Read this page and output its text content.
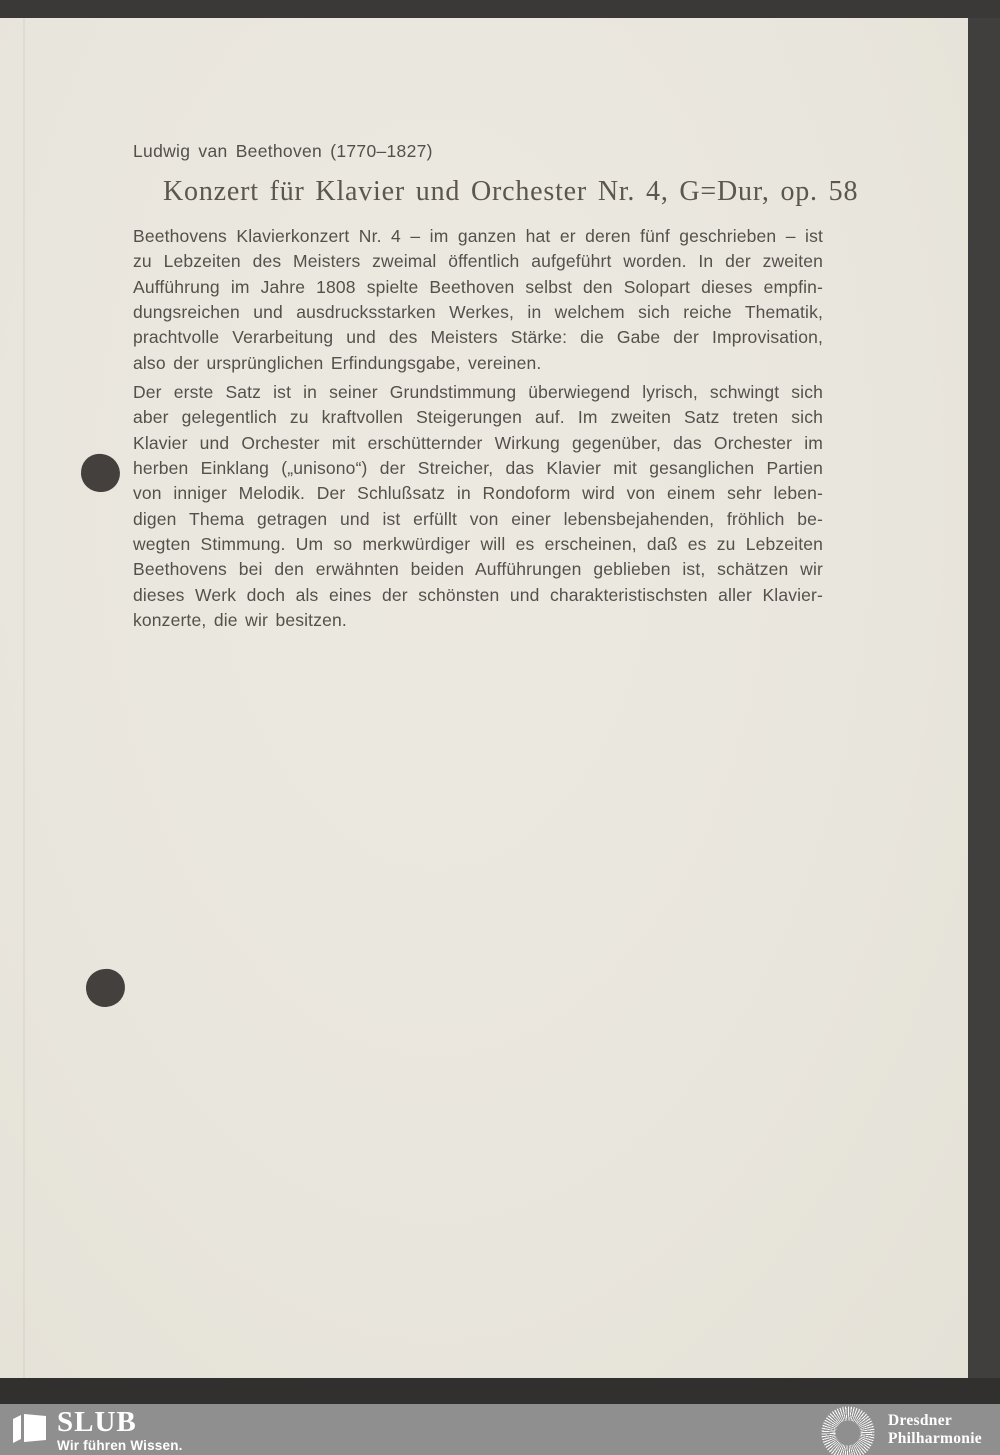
Ludwig van Beethoven (1770–1827)
Konzert für Klavier und Orchester Nr. 4, G=Dur, op. 58
Beethovens Klavierkonzert Nr. 4 – im ganzen hat er deren fünf geschrieben – ist
zu Lebzeiten des Meisters zweimal öffentlich aufgeführt worden. In der zweiten
Aufführung im Jahre 1808 spielte Beethoven selbst den Solopart dieses empfin-
dungsreichen und ausdrucksstarken Werkes, in welchem sich reiche Thematik,
prachtvolle Verarbeitung und des Meisters Stärke: die Gabe der Improvisation,
also der ursprünglichen Erfindungsgabe, vereinen.
Der erste Satz ist in seiner Grundstimmung überwiegend lyrisch, schwingt sich
aber gelegentlich zu kraftvollen Steigerungen auf. Im zweiten Satz treten sich
Klavier und Orchester mit erschütternder Wirkung gegenüber, das Orchester im
herben Einklang („unisono“) der Streicher, das Klavier mit gesanglichen Partien
von inniger Melodik. Der Schlußsatz in Rondoform wird von einem sehr leben-
digen Thema getragen und ist erfüllt von einer lebensbejahenden, fröhlich be-
wegten Stimmung. Um so merkwürdiger will es erscheinen, daß es zu Lebzeiten
Beethovens bei den erwähnten beiden Aufführungen geblieben ist, schätzen wir
dieses Werk doch als eines der schönsten und charakteristischsten aller Klavier-
konzerte, die wir besitzen.
SLUB
Wir führen Wissen.
Dresdner
Philharmonie
